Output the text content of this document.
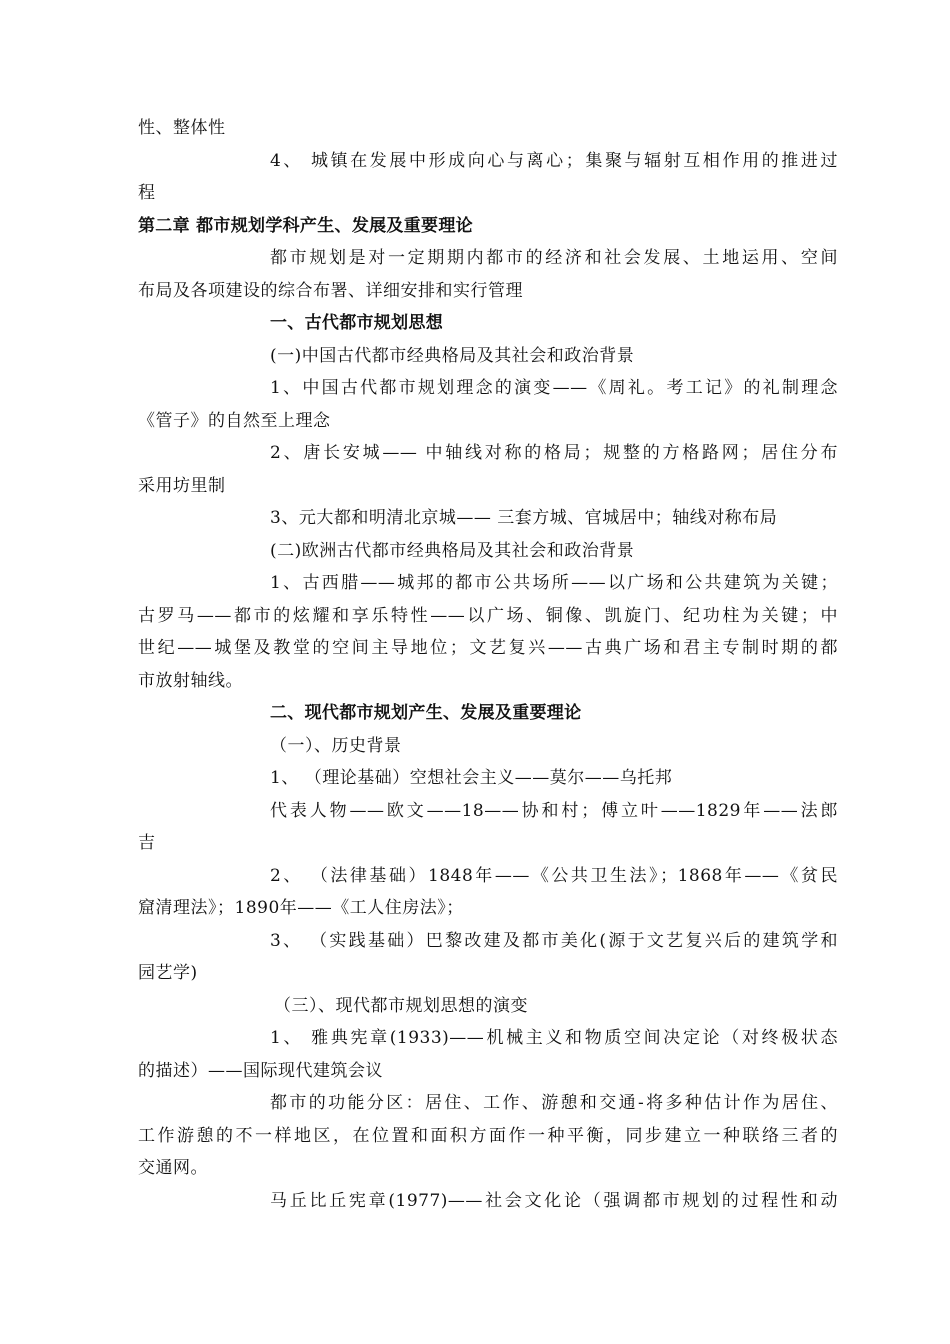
性、整体性
4、 城镇在发展中形成向心与离心；集聚与辐射互相作用的推进过
程
第二章 都市规划学科产生、发展及重要理论
都市规划是对一定期期内都市的经济和社会发展、土地运用、空间
布局及各项建设的综合布署、详细安排和实行管理
一、古代都市规划思想
(一)中国古代都市经典格局及其社会和政治背景
1、中国古代都市规划理念的演变——《周礼。考工记》的礼制理念
《管子》的自然至上理念
2、唐长安城—— 中轴线对称的格局；规整的方格路网；居住分布
采用坊里制
3、元大都和明清北京城—— 三套方城、官城居中；轴线对称布局
(二)欧洲古代都市经典格局及其社会和政治背景
1、古西腊——城邦的都市公共场所——以广场和公共建筑为关键；
古罗马——都市的炫耀和享乐特性——以广场、铜像、凯旋门、纪功柱为关键；中
世纪——城堡及教堂的空间主导地位；文艺复兴——古典广场和君主专制时期的都
市放射轴线。
二、现代都市规划产生、发展及重要理论
（一）、历史背景
1、 （理论基础）空想社会主义——莫尔——乌托邦
代表人物——欧文——18——协和村；傅立叶——1829年——法郎
吉
2、 （法律基础）1848年——《公共卫生法》；1868年——《贫民
窟清理法》；1890年——《工人住房法》；
3、 （实践基础）巴黎改建及都市美化(源于文艺复兴后的建筑学和
园艺学)
（三）、现代都市规划思想的演变
1、 雅典宪章(1933)——机械主义和物质空间决定论（对终极状态
的描述）——国际现代建筑会议
都市的功能分区：居住、工作、游憩和交通-将多种估计作为居住、
工作游憩的不一样地区，在位置和面积方面作一种平衡，同步建立一种联络三者的
交通网。
马丘比丘宪章(1977)——社会文化论（强调都市规划的过程性和动
